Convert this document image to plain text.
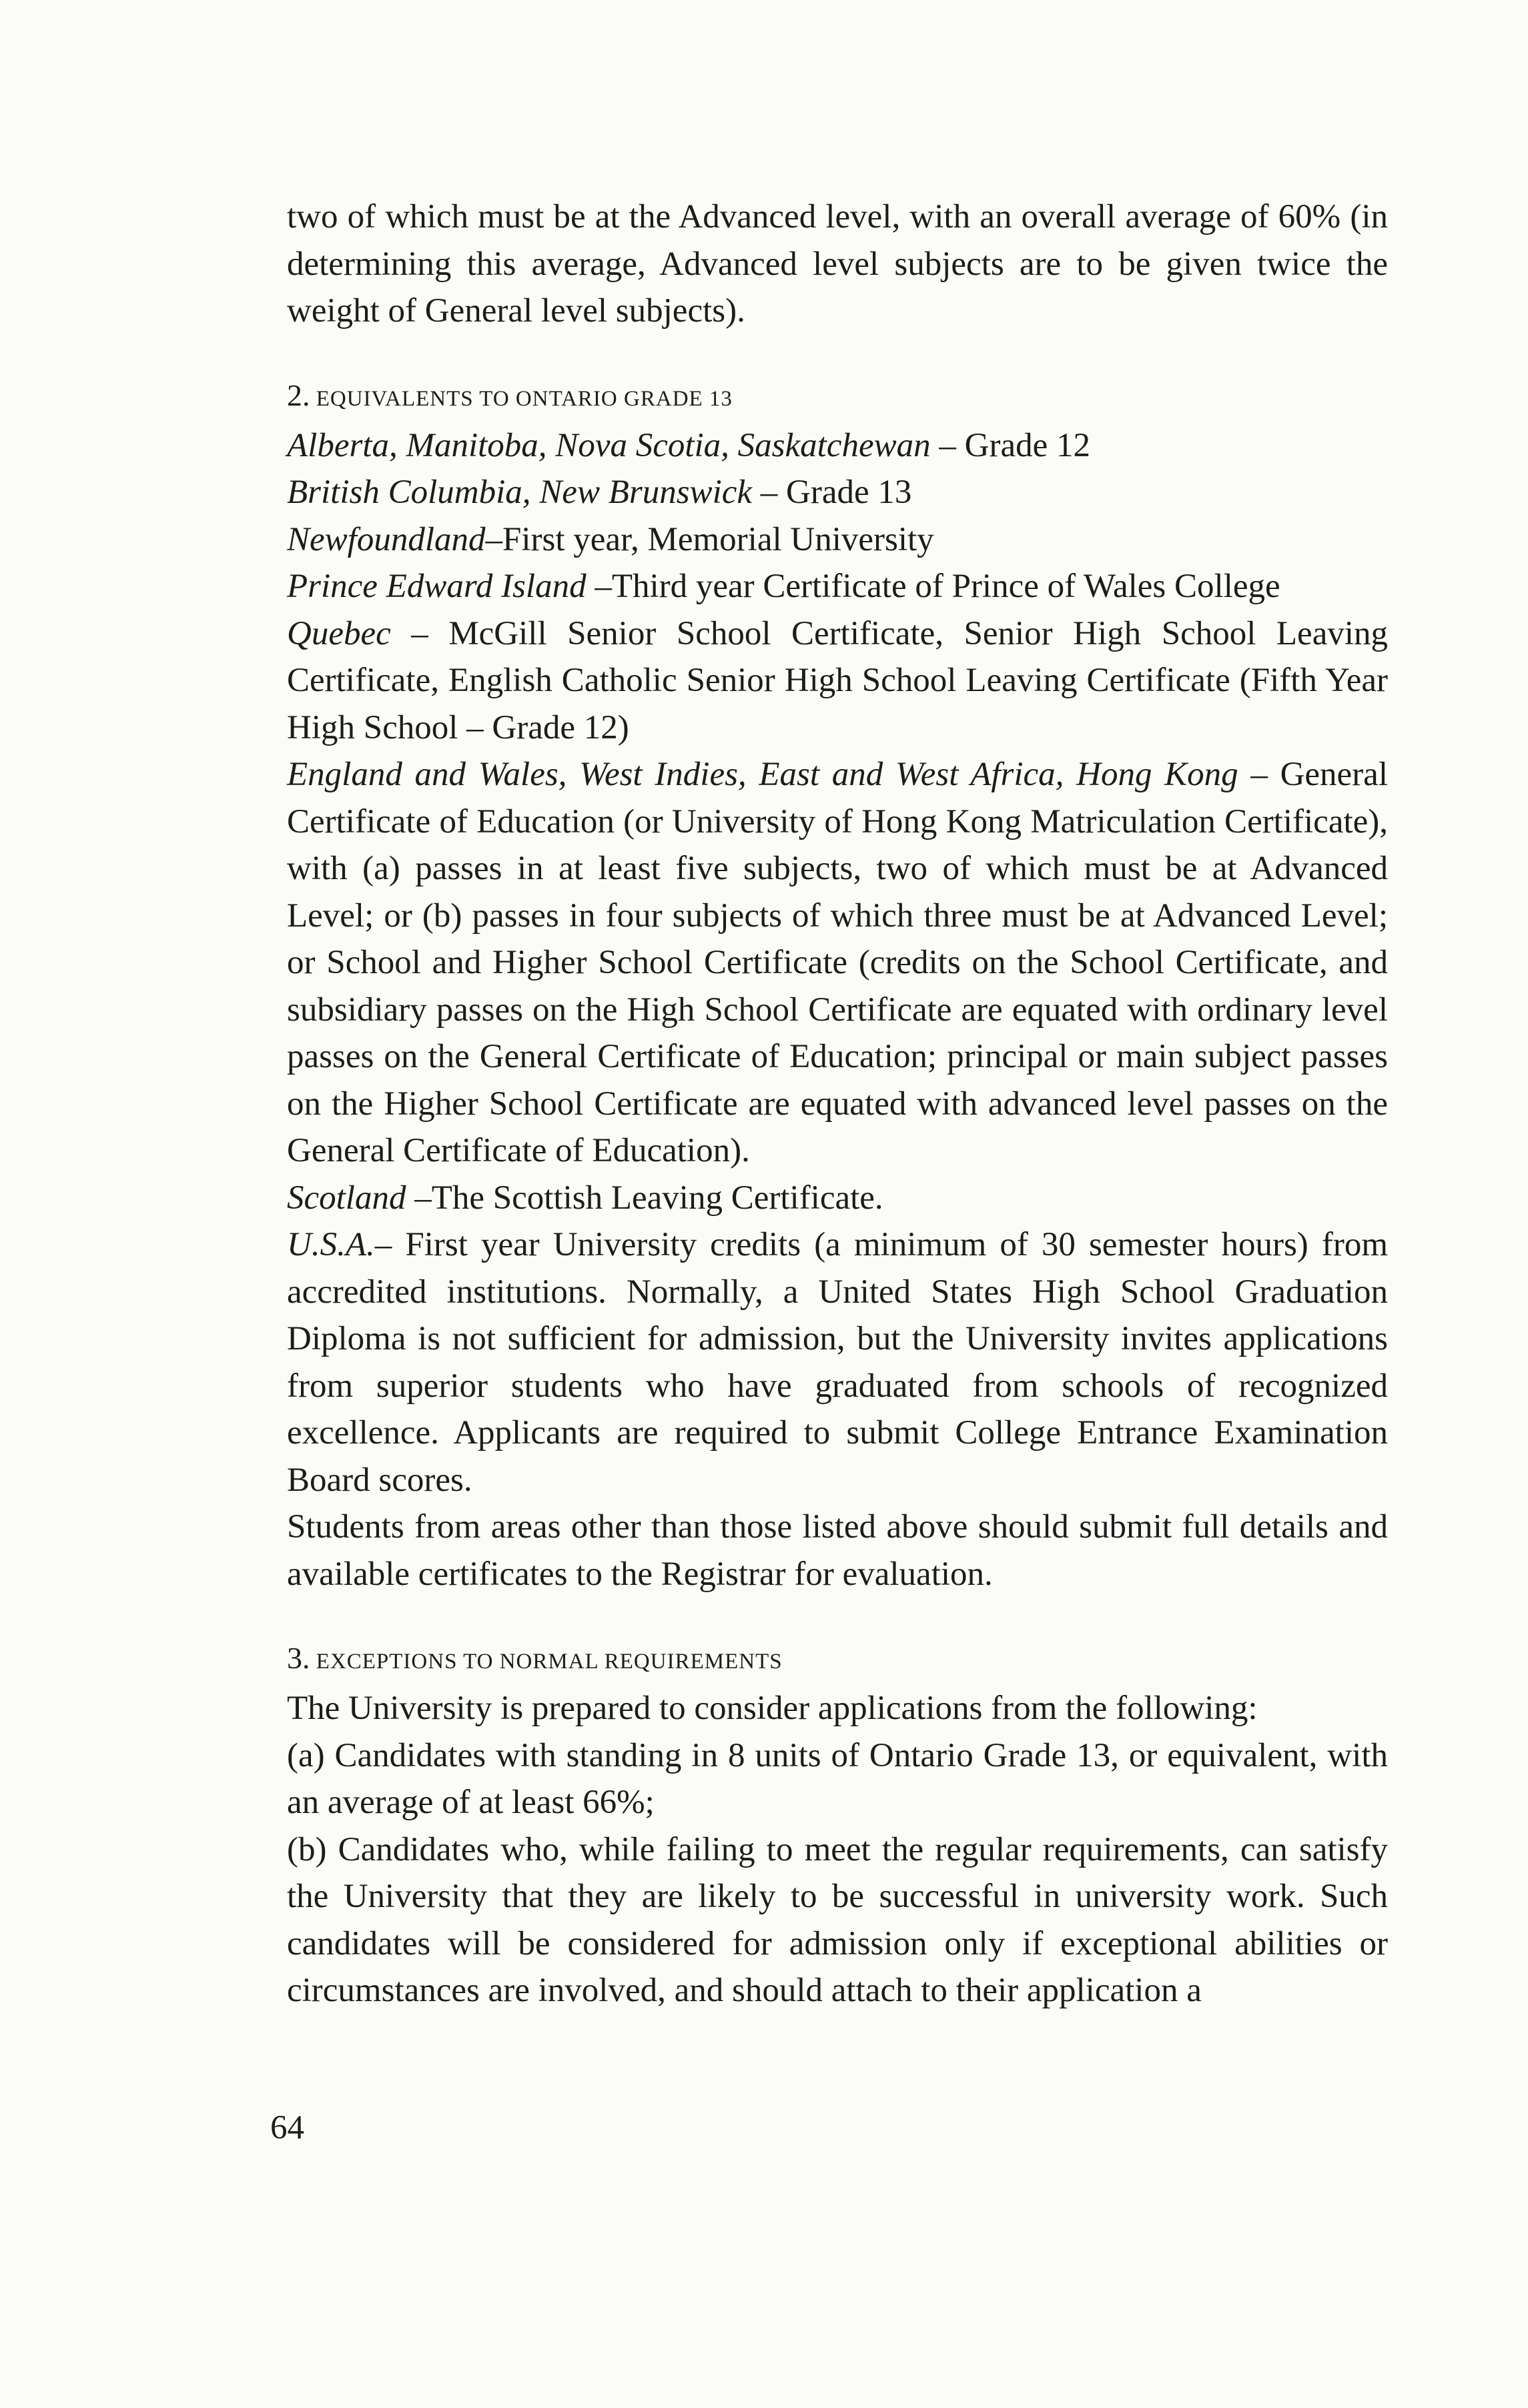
two of which must be at the Advanced level, with an overall average of 60% (in determining this average, Advanced level subjects are to be given twice the weight of General level subjects).

2. EQUIVALENTS TO ONTARIO GRADE 13

Alberta, Manitoba, Nova Scotia, Saskatchewan – Grade 12

British Columbia, New Brunswick – Grade 13

Newfoundland–First year, Memorial University

Prince Edward Island –Third year Certificate of Prince of Wales College

Quebec – McGill Senior School Certificate, Senior High School Leaving Certificate, English Catholic Senior High School Leaving Certificate (Fifth Year High School – Grade 12)

England and Wales, West Indies, East and West Africa, Hong Kong – General Certificate of Education (or University of Hong Kong Matriculation Certificate), with (a) passes in at least five subjects, two of which must be at Advanced Level; or (b) passes in four subjects of which three must be at Advanced Level; or School and Higher School Certificate (credits on the School Certificate, and subsidiary passes on the High School Certificate are equated with ordinary level passes on the General Certificate of Education; principal or main subject passes on the Higher School Certificate are equated with advanced level passes on the General Certificate of Education).

Scotland –The Scottish Leaving Certificate.

U.S.A.– First year University credits (a minimum of 30 semester hours) from accredited institutions. Normally, a United States High School Graduation Diploma is not sufficient for admission, but the University invites applications from superior students who have graduated from schools of recognized excellence. Applicants are required to submit College Entrance Examination Board scores.

Students from areas other than those listed above should submit full details and available certificates to the Registrar for evaluation.

3. EXCEPTIONS TO NORMAL REQUIREMENTS

The University is prepared to consider applications from the following:

(a) Candidates with standing in 8 units of Ontario Grade 13, or equivalent, with an average of at least 66%;

(b) Candidates who, while failing to meet the regular requirements, can satisfy the University that they are likely to be successful in university work. Such candidates will be considered for admission only if exceptional abilities or circumstances are involved, and should attach to their application a

64
